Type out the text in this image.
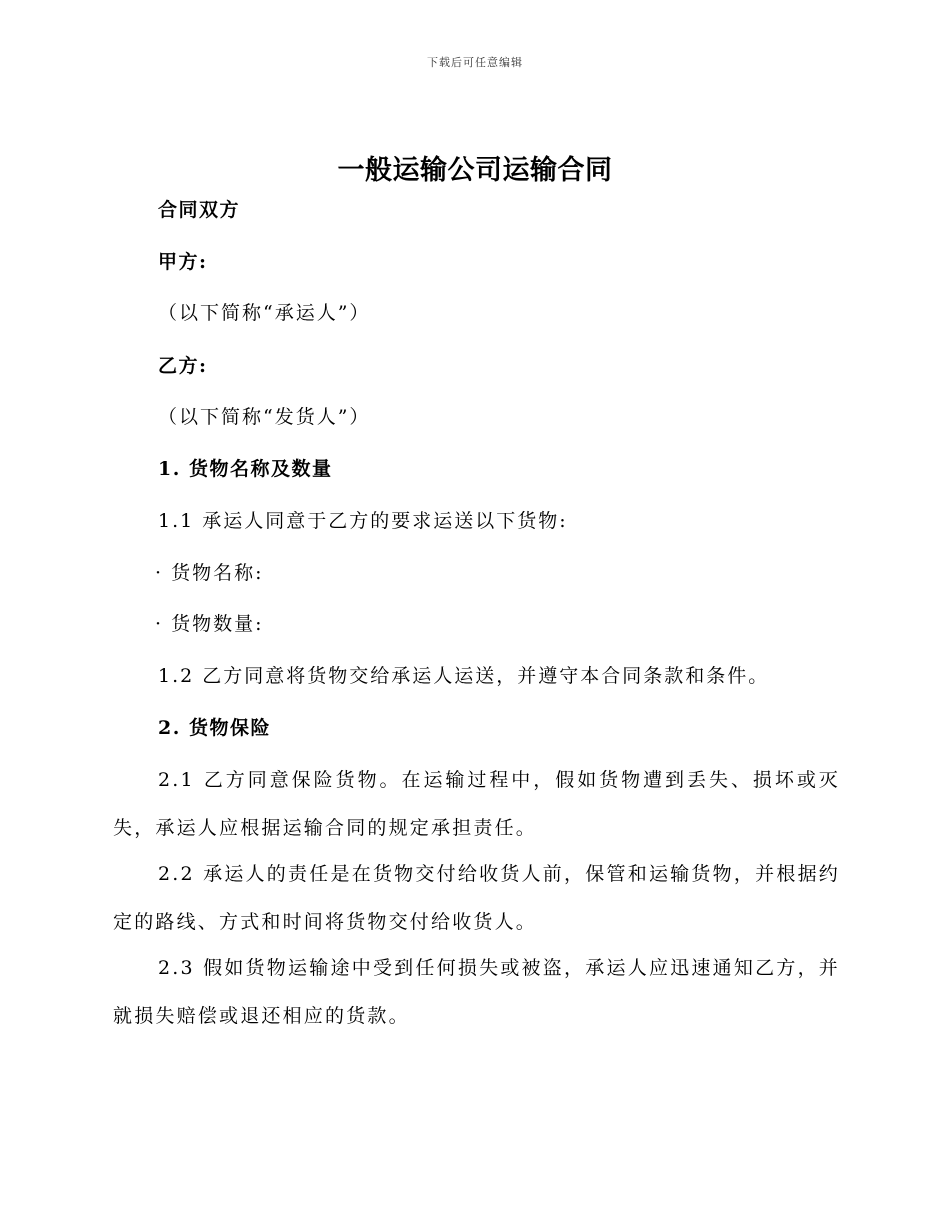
下载后可任意编辑
一般运输公司运输合同
合同双方
甲方:
（以下简称“承运人”）
乙方:
（以下简称“发货人”）
1. 货物名称及数量
1.1 承运人同意于乙方的要求运送以下货物:
· 货物名称:
· 货物数量:
1.2 乙方同意将货物交给承运人运送，并遵守本合同条款和条件。
2. 货物保险
2.1 乙方同意保险货物。在运输过程中，假如货物遭到丢失、损坏或灭失，承运人应根据运输合同的规定承担责任。
2.2 承运人的责任是在货物交付给收货人前，保管和运输货物，并根据约定的路线、方式和时间将货物交付给收货人。
2.3 假如货物运输途中受到任何损失或被盗，承运人应迅速通知乙方，并就损失赔偿或退还相应的货款。
